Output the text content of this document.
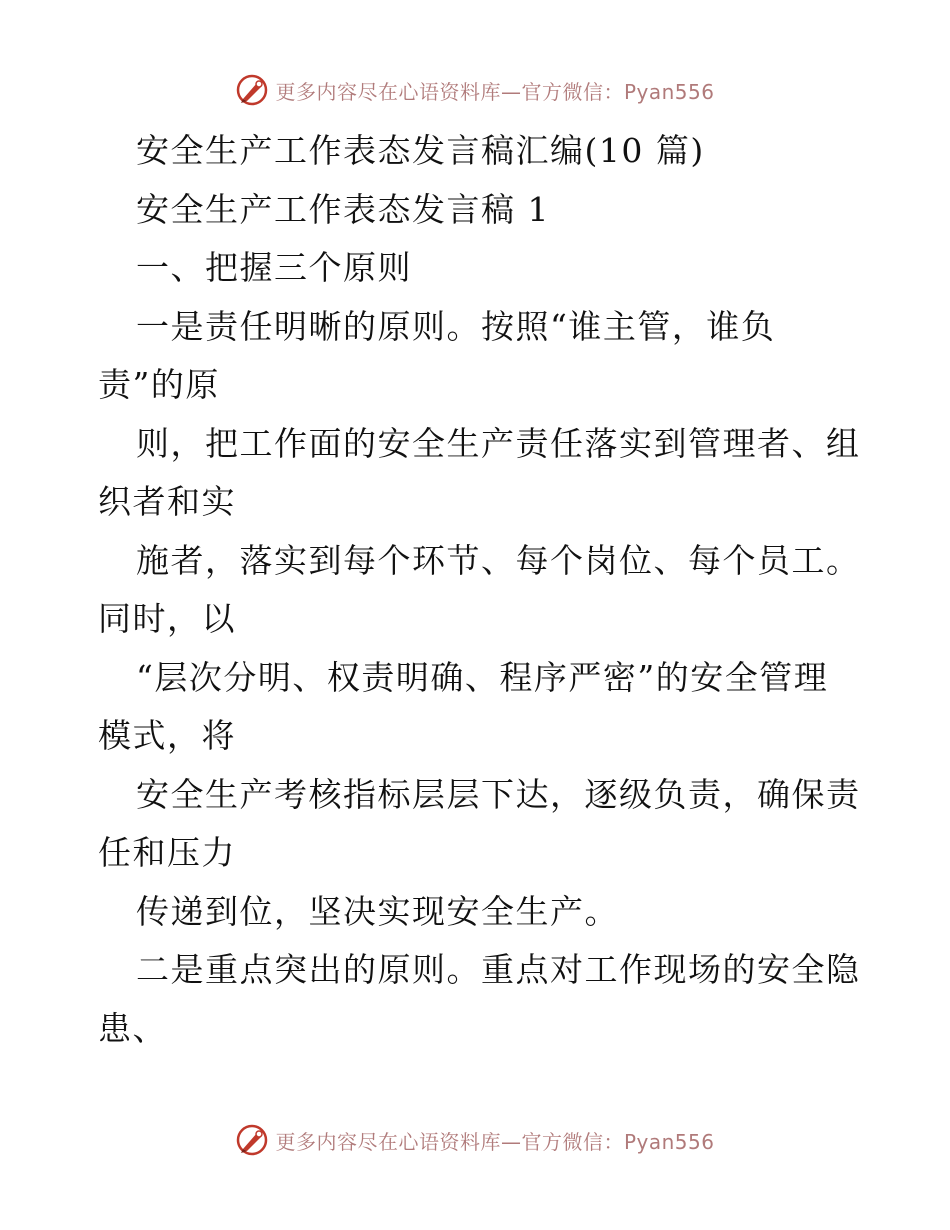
更多内容尽在心语资料库—官方微信：Pyan556
安全生产工作表态发言稿汇编(10 篇)
安全生产工作表态发言稿 1
一、把握三个原则
一是责任明晰的原则。按照“谁主管，谁负
责”的原
则，把工作面的安全生产责任落实到管理者、组
织者和实
施者，落实到每个环节、每个岗位、每个员工。
同时，以
“层次分明、权责明确、程序严密”的安全管理
模式，将
安全生产考核指标层层下达，逐级负责，确保责
任和压力
传递到位，坚决实现安全生产。
二是重点突出的原则。重点对工作现场的安全隐
患、
更多内容尽在心语资料库—官方微信：Pyan556
